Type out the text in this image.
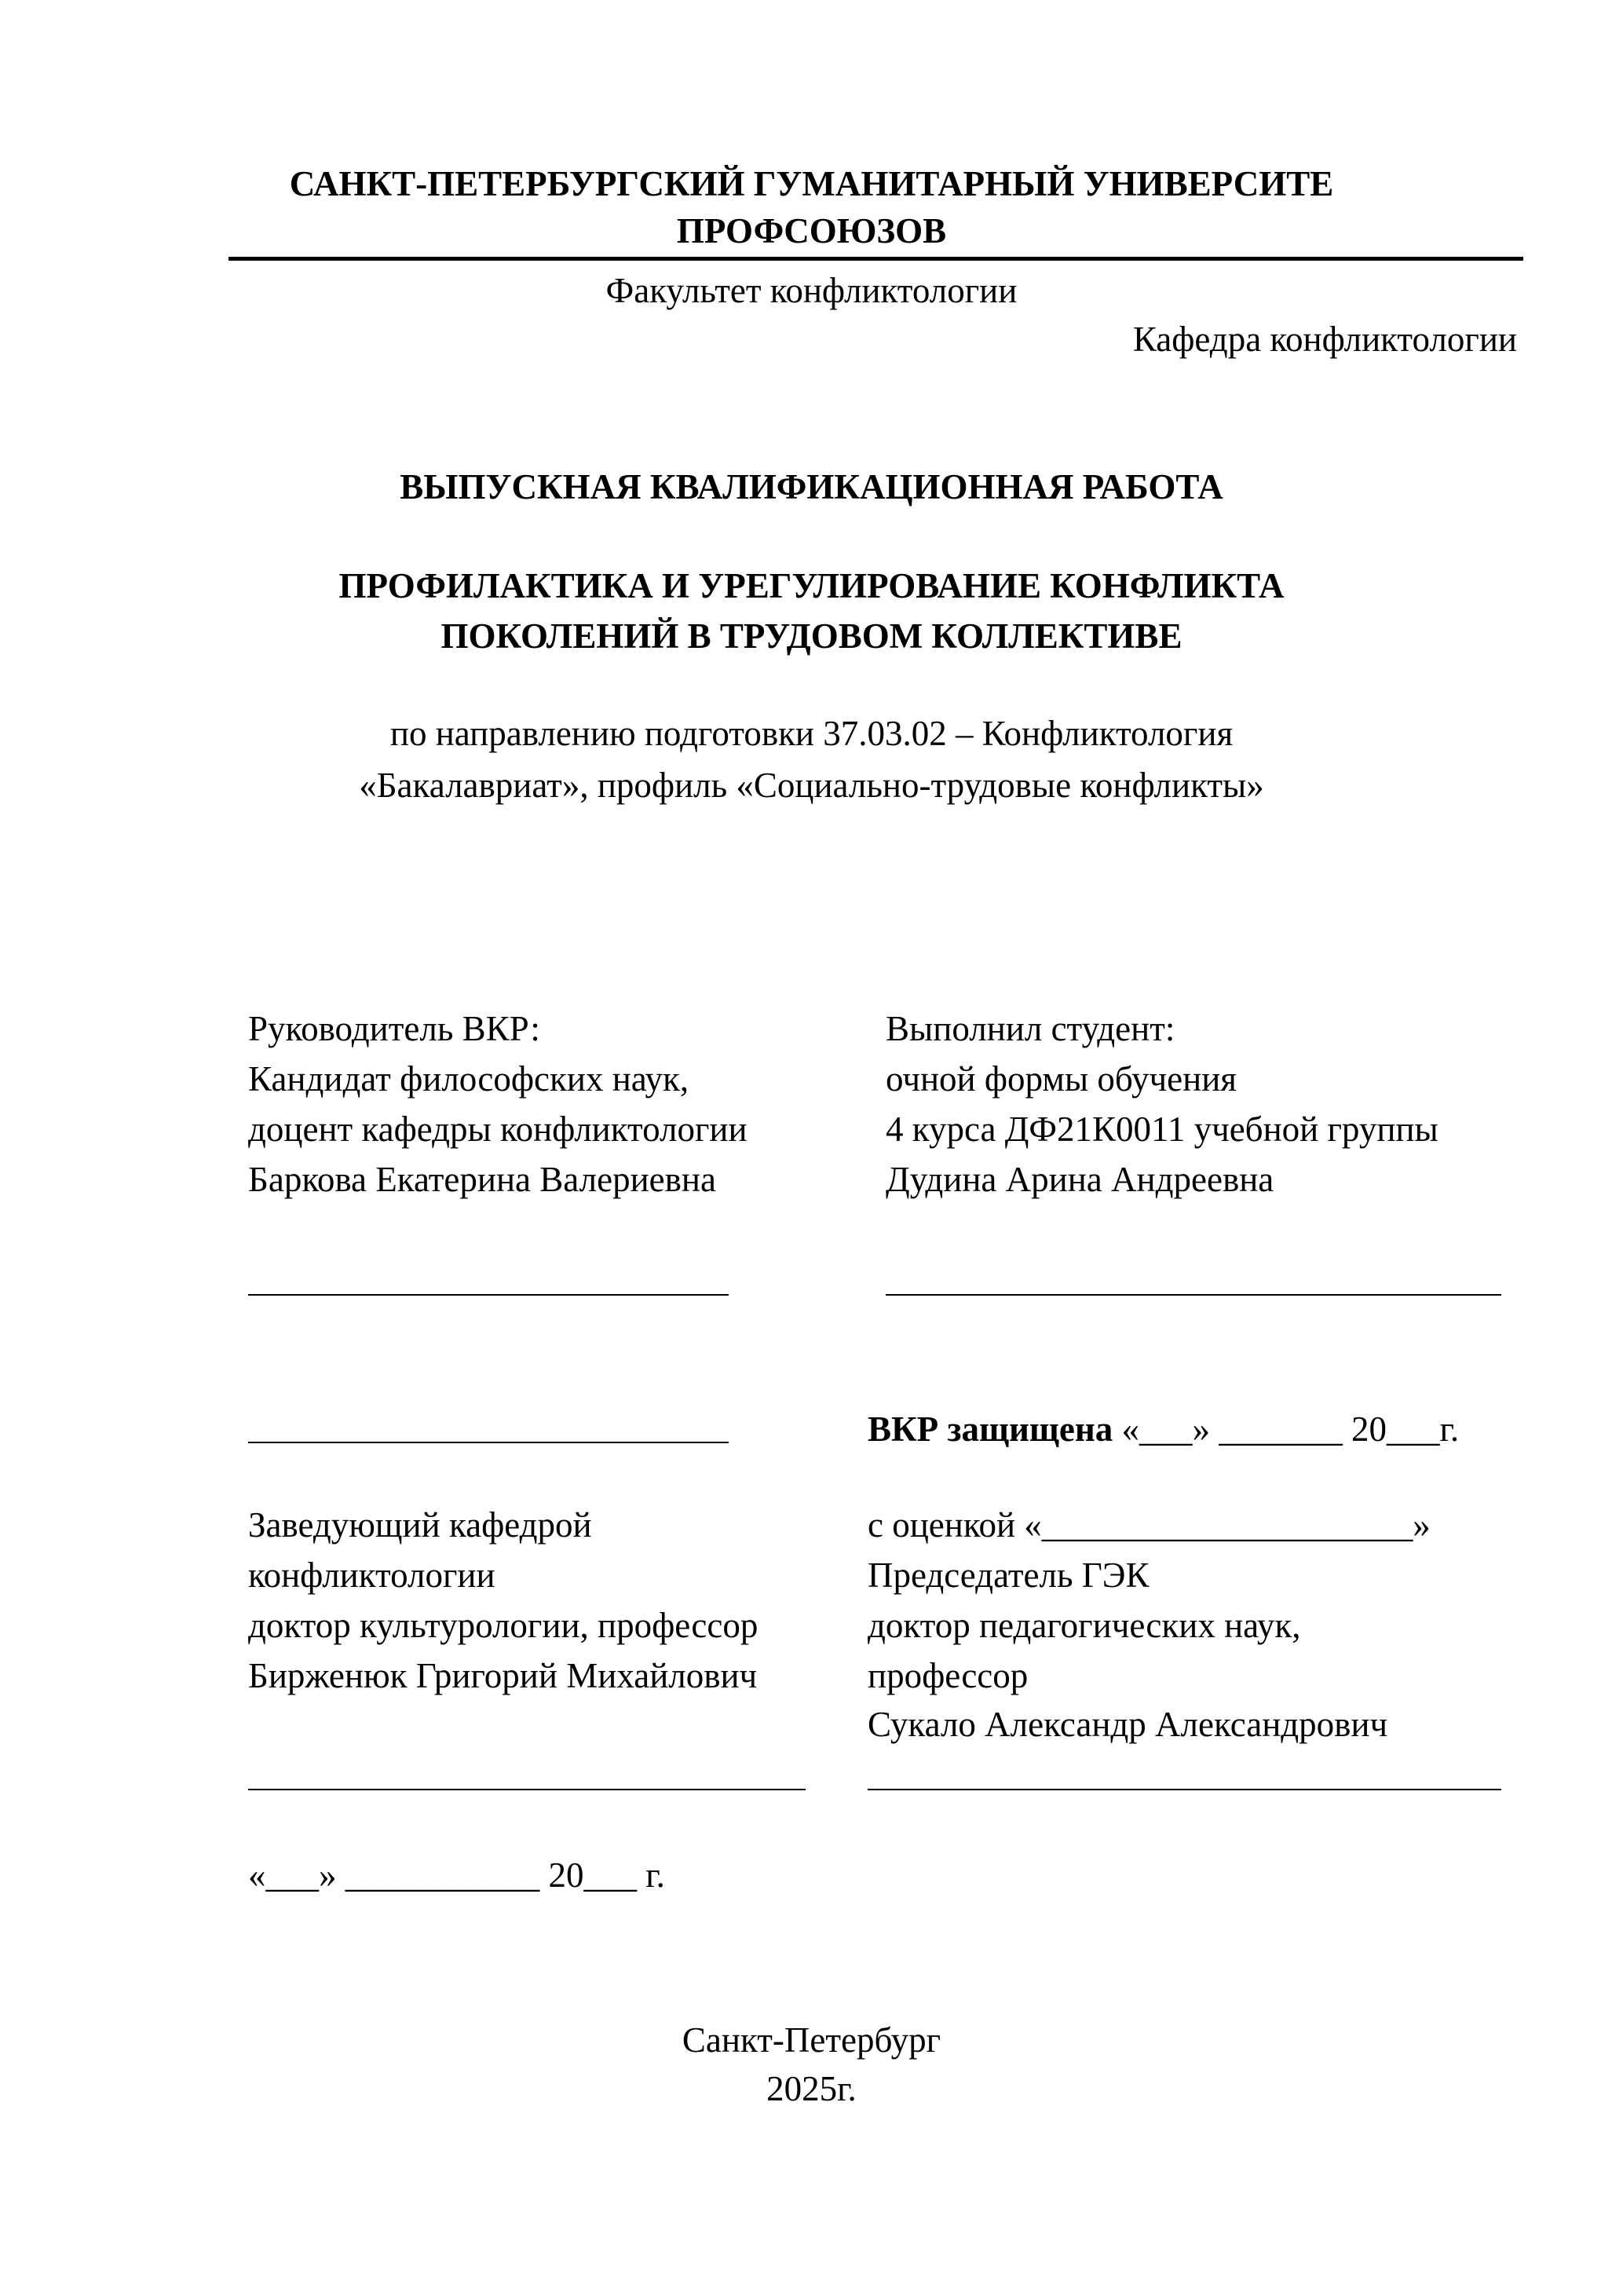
САНКТ-ПЕТЕРБУРГСКИЙ ГУМАНИТАРНЫЙ УНИВЕРСИТЕ
ПРОФСОЮЗОВ
Факультет конфликтологии
Кафедра конфликтологии
ВЫПУСКНАЯ КВАЛИФИКАЦИОННАЯ РАБОТА
ПРОФИЛАКТИКА И УРЕГУЛИРОВАНИЕ КОНФЛИКТА
ПОКОЛЕНИЙ В ТРУДОВОМ КОЛЛЕКТИВЕ
по направлению подготовки 37.03.02 – Конфликтология
«Бакалавриат», профиль «Социально-трудовые конфликты»
Руководитель ВКР:
Кандидат философских наук,
доцент кафедры конфликтологии
Баркова Екатерина Валериевна
Выполнил студент:
очной формы обучения
4 курса ДФ21К0011 учебной группы
Дудина Арина Андреевна
ВКР защищена «___» _______ 20___г.
Заведующий кафедрой
конфликтологии
доктор культурологии, профессор
Бирженюк Григорий Михайлович
с оценкой «_____________________»
Председатель ГЭК
доктор педагогических наук,
профессор
Сукало Александр Александрович
«___» ___________ 20___ г.
Санкт-Петербург
2025г.
